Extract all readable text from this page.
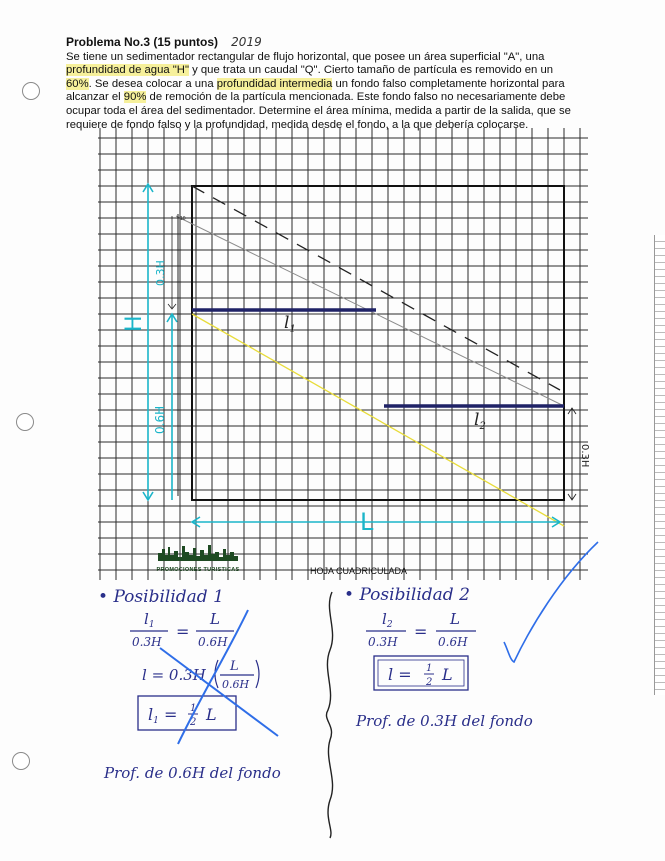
Problema No.3 (15 puntos) 2019
Se tiene un sedimentador rectangular de flujo horizontal, que posee un área superficial "A", una
profundidad de agua "H" y que trata un caudal "Q". Cierto tamaño de partícula es removido en un
60%. Se desea colocar a una profundidad intermedia un fondo falso completamente horizontal para
alcanzar el 90% de remoción de la partícula mencionada. Este fondo falso no necesariamente debe
ocupar toda el área del sedimentador. Determine el área mínima, medida a partir de la salida, que se
requiere de fondo falso y la profundidad, medida desde el fondo, a la que debería colocarse.
10
H
L
0.6H
0.3H
0.3H
$l_1$
$l_2$
PROMOCIONES TURISTICAS	HOJA CUADRICULADA
• Posibilidad 1
$l_1$
0.3H
=
L
0.6H
l = 0.3H L
0.6H
l1 = 1
2 L
Prof. de 0.6H del fondo
• Posibilidad 2
$l_2$
0.3H
=
L
0.6H
l = 1
2 L
Prof. de 0.3H del fondo
